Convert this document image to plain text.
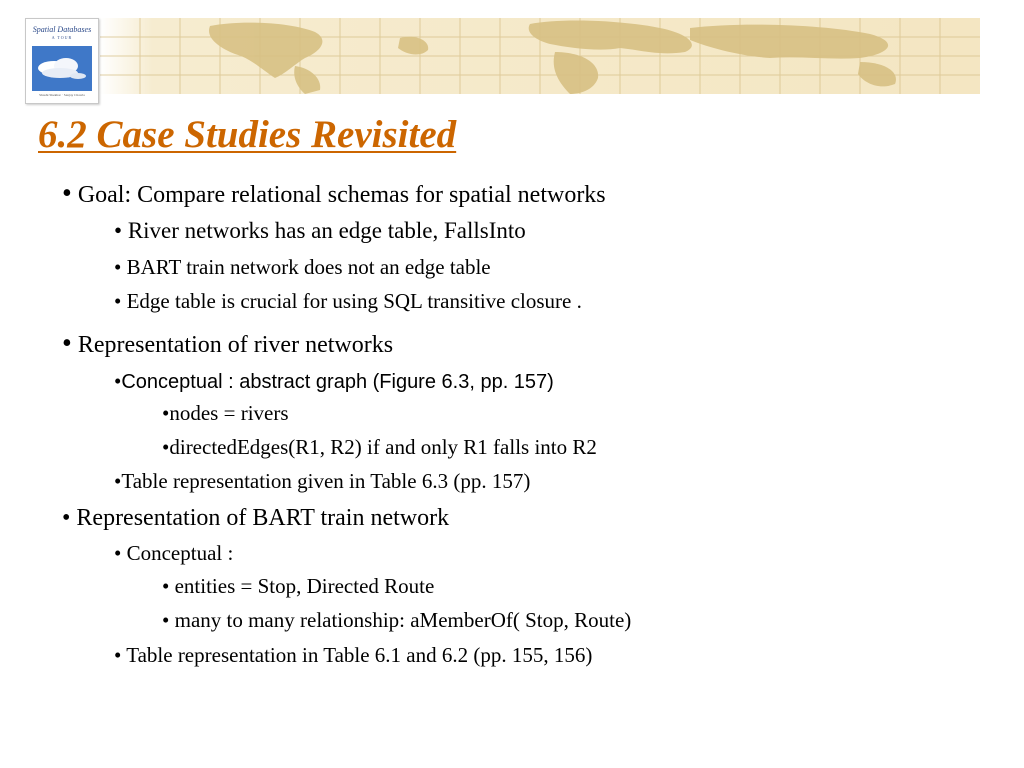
Spatial Databases
A TOUR
Shashi Shekhar · Sanjay Chawla
6.2 Case Studies Revisited
• Goal: Compare relational schemas for spatial networks
• River networks has an edge table, FallsInto
• BART train network does not an edge table
• Edge table is crucial for using SQL transitive closure .
• Representation of river networks
•Conceptual : abstract graph (Figure 6.3, pp. 157)
•nodes = rivers
•directedEdges(R1, R2) if and only R1 falls into R2
•Table representation given in Table 6.3 (pp. 157)
• Representation of BART train network
• Conceptual :
• entities = Stop, Directed Route
• many to many relationship: aMemberOf( Stop, Route)
• Table representation in Table 6.1 and 6.2 (pp. 155, 156)
